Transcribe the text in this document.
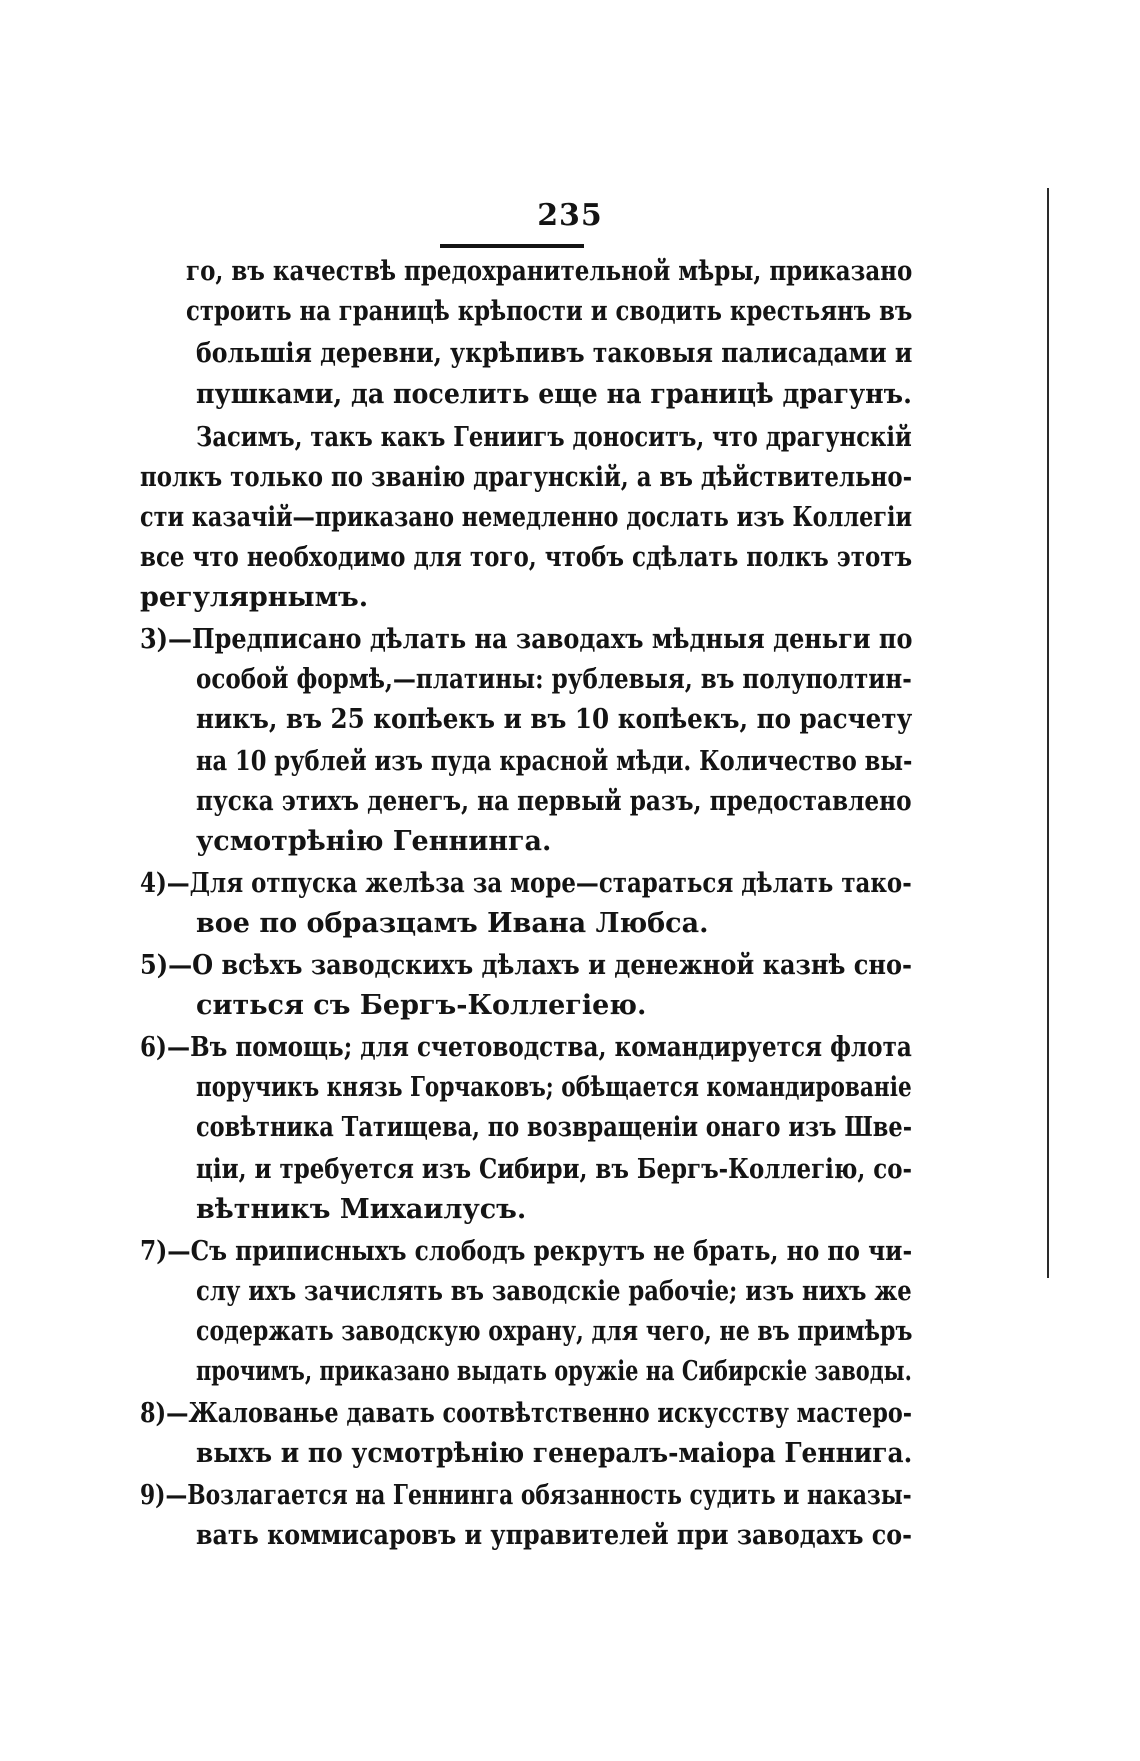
235
го, въ качествѣ предохранительной мѣры, приказано
строить на границѣ крѣпости и сводить крестьянъ въ
большія деревни, укрѣпивъ таковыя палисадами и
пушками, да поселить еще на границѣ драгунъ.
Засимъ, такъ какъ Гениигъ доноситъ, что драгунскій
полкъ только по званію драгунскій, а въ дѣйствительно-
сти казачій—приказано немедленно дослать изъ Коллегіи
все что необходимо для того, чтобъ сдѣлать полкъ этотъ
регулярнымъ.
3)—Предписано дѣлать на заводахъ мѣдныя деньги по
особой формѣ,—платины: рублевыя, въ полуполтин-
никъ, въ 25 копѣекъ и въ 10 копѣекъ, по расчету
на 10 рублей изъ пуда красной мѣди. Количество вы-
пуска этихъ денегъ, на первый разъ, предоставлено
усмотрѣнію Геннинга.
4)—Для отпуска желѣза за море—стараться дѣлать тако-
вое по образцамъ Ивана Любса.
5)—О всѣхъ заводскихъ дѣлахъ и денежной казнѣ сно-
ситься съ Бергъ-Коллегіею.
6)—Въ помощь; для счетоводства, командируется флота
поручикъ князь Горчаковъ; обѣщается командированіе
совѣтника Татищева, по возвращеніи онаго изъ Шве-
ціи, и требуется изъ Сибири, въ Бергъ-Коллегію, со-
вѣтникъ Михаилусъ.
7)—Съ приписныхъ слободъ рекрутъ не брать, но по чи-
слу ихъ зачислять въ заводскіе рабочіе; изъ нихъ же
содержать заводскую охрану, для чего, не въ примѣръ
прочимъ, приказано выдать оружіе на Сибирскіе заводы.
8)—Жалованье давать соотвѣтственно искусству мастеро-
выхъ и по усмотрѣнію генералъ-маіора Геннига.
9)—Возлагается на Геннинга обязанность судить и наказы-
вать коммисаровъ и управителей при заводахъ со-
